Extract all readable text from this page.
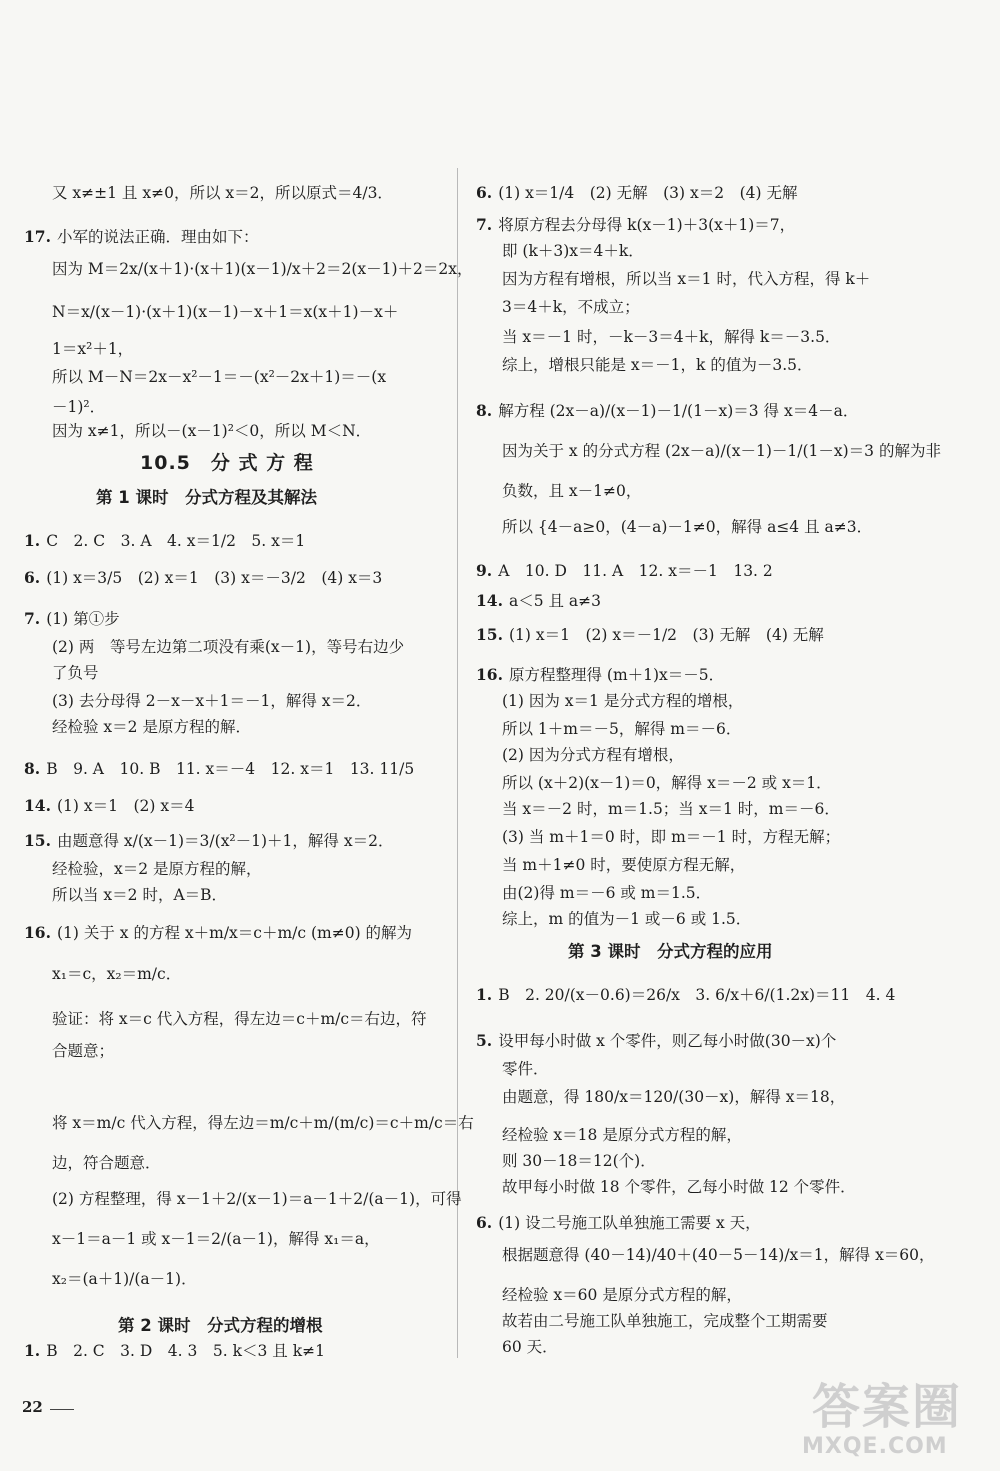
10.5　分 式 方 程
第 1 课时　分式方程及其解法
第 2 课时　分式方程的增根
第 3 课时　分式方程的应用
又 x≠±1 且 x≠0，所以 x＝2，所以原式＝4/3．
17. 小军的说法正确．理由如下：
因为 M＝2x/(x＋1)·(x＋1)(x－1)/x＋2＝2(x－1)＋2＝2x，
N＝x/(x－1)·(x＋1)(x－1)－x＋1＝x(x＋1)－x＋
1＝x²＋1，
所以 M－N＝2x－x²－1＝－(x²－2x＋1)＝－(x
－1)²．
因为 x≠1，所以－(x－1)²＜0，所以 M＜N．
1. C　2. C　3. A　4. x＝1/2　5. x＝1
6. (1) x＝3/5　(2) x＝1　(3) x＝－3/2　(4) x＝3
7. (1) 第①步
(2) 两　等号左边第二项没有乘(x－1)，等号右边少
了负号
(3) 去分母得 2－x－x＋1＝－1，解得 x＝2．
经检验 x＝2 是原方程的解．
8. B　9. A　10. B　11. x＝－4　12. x＝1　13. 11/5
14. (1) x＝1　(2) x＝4
15. 由题意得 x/(x－1)＝3/(x²－1)＋1，解得 x＝2．
经检验，x＝2 是原方程的解，
所以当 x＝2 时，A＝B．
16. (1) 关于 x 的方程 x＋m/x＝c＋m/c (m≠0) 的解为
x₁＝c，x₂＝m/c．
验证：将 x＝c 代入方程，得左边＝c＋m/c＝右边，符
合题意；
将 x＝m/c 代入方程，得左边＝m/c＋m/(m/c)＝c＋m/c＝右
边，符合题意．
(2) 方程整理，得 x－1＋2/(x－1)＝a－1＋2/(a－1)，可得
x－1＝a－1 或 x－1＝2/(a－1)，解得 x₁＝a，
x₂＝(a＋1)/(a－1)．
1. B　2. C　3. D　4. 3　5. k＜3 且 k≠1
6. (1) x＝1/4　(2) 无解　(3) x＝2　(4) 无解
7. 将原方程去分母得 k(x－1)＋3(x＋1)＝7，
即 (k＋3)x＝4＋k．
因为方程有增根，所以当 x＝1 时，代入方程，得 k＋
3＝4＋k，不成立；
当 x＝－1 时，－k－3＝4＋k，解得 k＝－3.5．
综上，增根只能是 x＝－1，k 的值为－3.5．
8. 解方程 (2x－a)/(x－1)－1/(1－x)＝3 得 x＝4－a．
因为关于 x 的分式方程 (2x－a)/(x－1)－1/(1－x)＝3 的解为非
负数，且 x－1≠0，
所以 {4－a≥0，(4－a)－1≠0，解得 a≤4 且 a≠3．
9. A　10. D　11. A　12. x＝－1　13. 2
14. a＜5 且 a≠3
15. (1) x＝1　(2) x＝－1/2　(3) 无解　(4) 无解
16. 原方程整理得 (m＋1)x＝－5．
(1) 因为 x＝1 是分式方程的增根，
所以 1＋m＝－5，解得 m＝－6．
(2) 因为分式方程有增根，
所以 (x＋2)(x－1)＝0，解得 x＝－2 或 x＝1．
当 x＝－2 时，m＝1.5；当 x＝1 时，m＝－6．
(3) 当 m＋1＝0 时，即 m＝－1 时，方程无解；
当 m＋1≠0 时，要使原方程无解，
由(2)得 m＝－6 或 m＝1.5．
综上，m 的值为－1 或－6 或 1.5．
1. B　2. 20/(x－0.6)＝26/x　3. 6/x＋6/(1.2x)＝11　4. 4
5. 设甲每小时做 x 个零件，则乙每小时做(30－x)个
零件．
由题意，得 180/x＝120/(30－x)，解得 x＝18，
经检验 x＝18 是原分式方程的解，
则 30－18＝12(个)．
故甲每小时做 18 个零件，乙每小时做 12 个零件．
6. (1) 设二号施工队单独施工需要 x 天，
根据题意得 (40－14)/40＋(40－5－14)/x＝1，解得 x＝60，
经检验 x＝60 是原分式方程的解，
故若由二号施工队单独施工，完成整个工期需要
60 天．
22	答案圈
MXQE.COM
